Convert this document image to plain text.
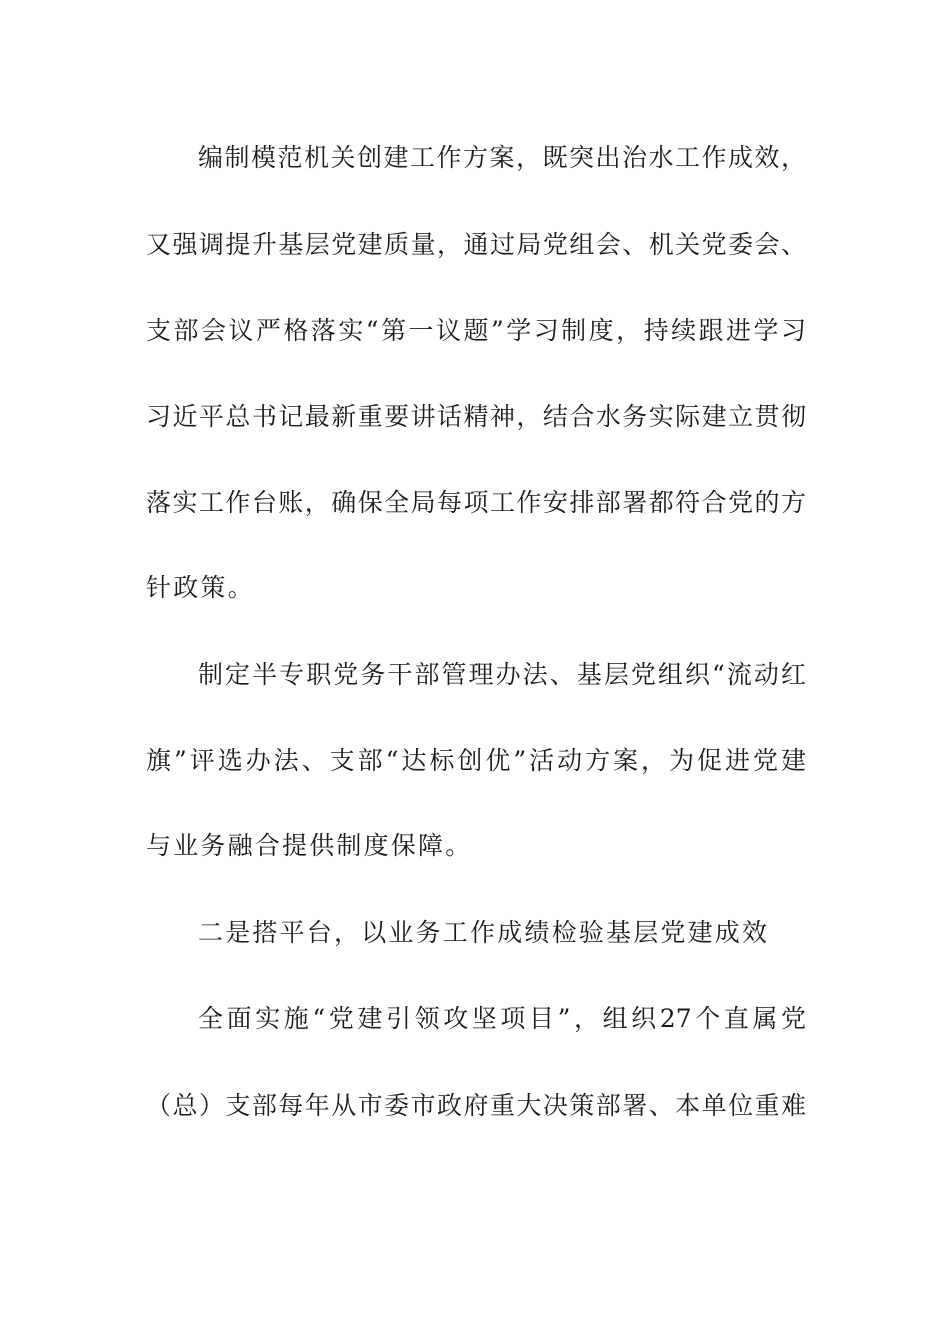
编制模范机关创建工作方案，既突出治水工作成效，
又强调提升基层党建质量，通过局党组会、机关党委会、
支部会议严格落实“第一议题”学习制度，持续跟进学习
习近平总书记最新重要讲话精神，结合水务实际建立贯彻
落实工作台账，确保全局每项工作安排部署都符合党的方
针政策。
制定半专职党务干部管理办法、基层党组织“流动红
旗”评选办法、支部“达标创优”活动方案，为促进党建
与业务融合提供制度保障。
二是搭平台，以业务工作成绩检验基层党建成效
全面实施“党建引领攻坚项目”，组织27个直属党
（总）支部每年从市委市政府重大决策部署、本单位重难
